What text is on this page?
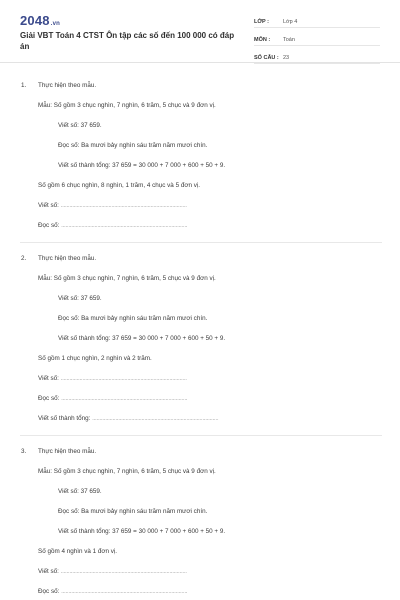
2048.vn
Giải VBT Toán 4 CTST Ôn tập các số đến 100 000 có đáp án
LỚP :	Lớp 4
MÔN :	Toán
SỐ CÂU : 23
1. Thực hiện theo mẫu.
Mẫu: Số gồm 3 chục nghìn, 7 nghìn, 6 trăm, 5 chục và 9 đơn vị.
Viết số: 37 659.
Đọc số: Ba mươi bảy nghìn sáu trăm năm mươi chín.
Viết số thành tổng: 37 659 = 30 000 + 7 000 + 600 + 50 + 9.
Số gồm 6 chục nghìn, 8 nghìn, 1 trăm, 4 chục và 5 đơn vị.
Viết số: .......................................................................................
Đọc số: .......................................................................................
2. Thực hiện theo mẫu.
Mẫu: Số gồm 3 chục nghìn, 7 nghìn, 6 trăm, 5 chục và 9 đơn vị.
Viết số: 37 659.
Đọc số: Ba mươi bảy nghìn sáu trăm năm mươi chín.
Viết số thành tổng: 37 659 = 30 000 + 7 000 + 600 + 50 + 9.
Số gồm 1 chục nghìn, 2 nghìn và 2 trăm.
Viết số: .......................................................................................
Đọc số: .......................................................................................
Viết số thành tổng: .......................................................................................
3. Thực hiện theo mẫu.
Mẫu: Số gồm 3 chục nghìn, 7 nghìn, 6 trăm, 5 chục và 9 đơn vị.
Viết số: 37 659.
Đọc số: Ba mươi bảy nghìn sáu trăm năm mươi chín.
Viết số thành tổng: 37 659 = 30 000 + 7 000 + 600 + 50 + 9.
Số gồm 4 nghìn và 1 đơn vị.
Viết số: .......................................................................................
Đọc số: .......................................................................................
